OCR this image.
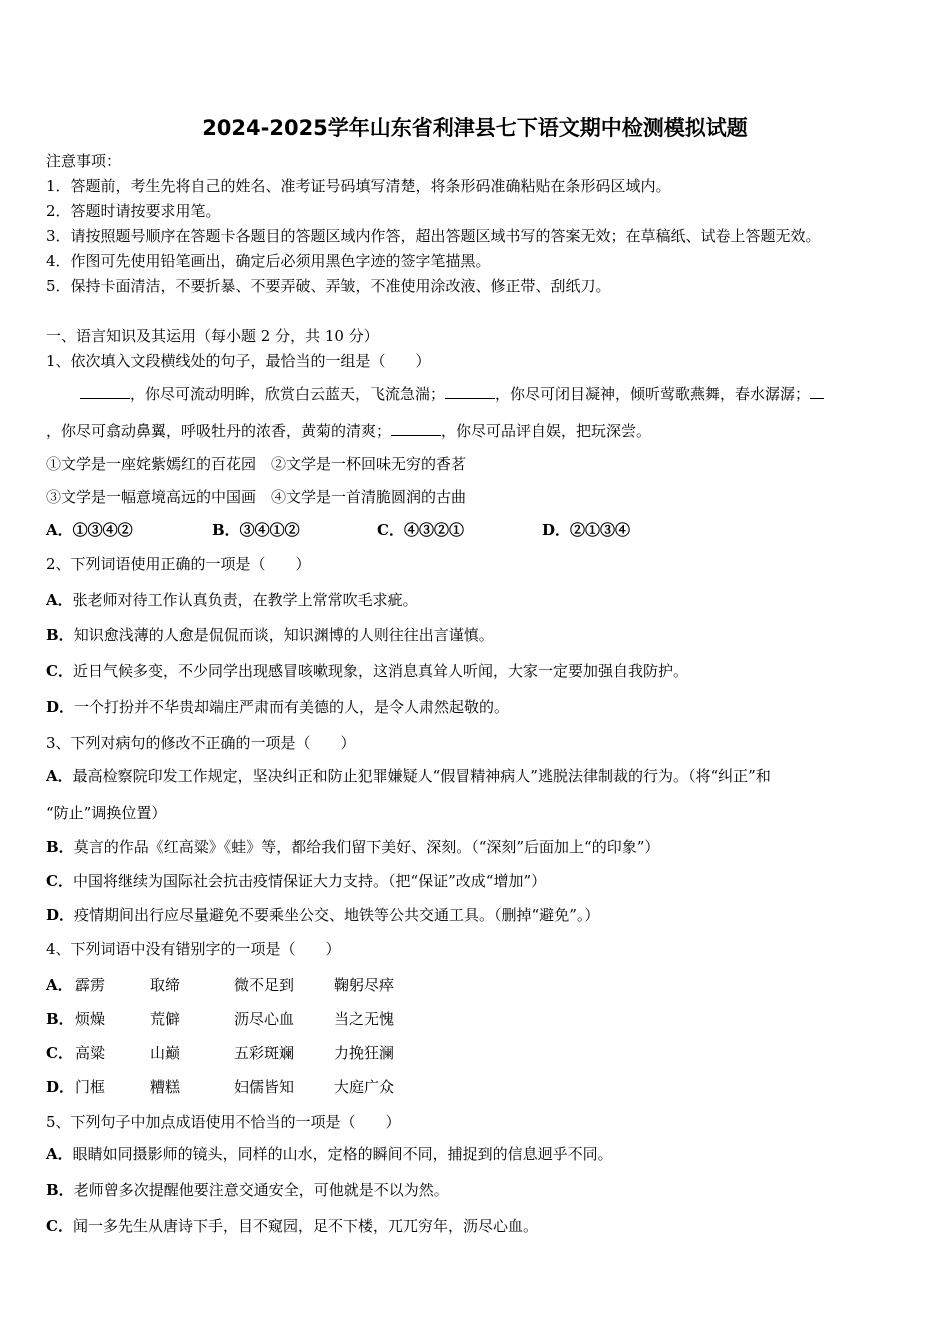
2024-2025学年山东省利津县七下语文期中检测模拟试题
注意事项：
1．答题前，考生先将自己的姓名、准考证号码填写清楚，将条形码准确粘贴在条形码区域内。
2．答题时请按要求用笔。
3．请按照题号顺序在答题卡各题目的答题区域内作答，超出答题区域书写的答案无效；在草稿纸、试卷上答题无效。
4．作图可先使用铅笔画出，确定后必须用黑色字迹的签字笔描黑。
5．保持卡面清洁，不要折暴、不要弄破、弄皱，不准使用涂改液、修正带、刮纸刀。
一、语言知识及其运用（每小题 2 分，共 10 分）
1、依次填入文段横线处的句子，最恰当的一组是（　　）
，你尽可流动明眸，欣赏白云蓝天，飞流急湍；	，你尽可闭目凝神，倾听莺歌燕舞，春水潺潺；
，你尽可翕动鼻翼，呼吸牡丹的浓香，黄菊的清爽；	，你尽可品评自娱，把玩深尝。
①文学是一座姹紫嫣红的百花园　②文学是一杯回味无穷的香茗
③文学是一幅意境高远的中国画　④文学是一首清脆圆润的古曲
A．①③④②	B．③④①②	C．④③②①	D．②①③④
2、下列词语使用正确的一项是（　　）
A．张老师对待工作认真负责，在教学上常常吹毛求疵。
B．知识愈浅薄的人愈是侃侃而谈，知识渊博的人则往往出言谨慎。
C．近日气候多变，不少同学出现感冒咳嗽现象，这消息真耸人听闻，大家一定要加强自我防护。
D．一个打扮并不华贵却端庄严肃而有美德的人，是令人肃然起敬的。
3、下列对病句的修改不正确的一项是（　　）
A．最高检察院印发工作规定，坚决纠正和防止犯罪嫌疑人“假冒精神病人”逃脱法律制裁的行为。（将“纠正”和
“防止”调换位置）
B．莫言的作品《红高粱》《蛙》等，都给我们留下美好、深刻。（“深刻”后面加上“的印象”）
C．中国将继续为国际社会抗击疫情保证大力支持。（把“保证”改成“增加”）
D．疫情期间出行应尽量避免不要乘坐公交、地铁等公共交通工具。（删掉“避免”。）
4、下列词语中没有错别字的一项是（　　）
A． 霹雳	取缔	微不足到	鞠躬尽瘁
B． 烦燥	荒僻	沥尽心血	当之无愧
C． 高粱	山巅	五彩斑斓	力挽狂澜
D． 门框	糟糕	妇儒皆知	大庭广众
5、下列句子中加点成语使用不恰当的一项是（　　）
A．眼睛如同摄影师的镜头，同样的山水，定格的瞬间不同，捕捉到的信息迥乎不同。
B．老师曾多次提醒他要注意交通安全，可他就是不以为然。
C．闻一多先生从唐诗下手，目不窥园，足不下楼，兀兀穷年，沥尽心血。
